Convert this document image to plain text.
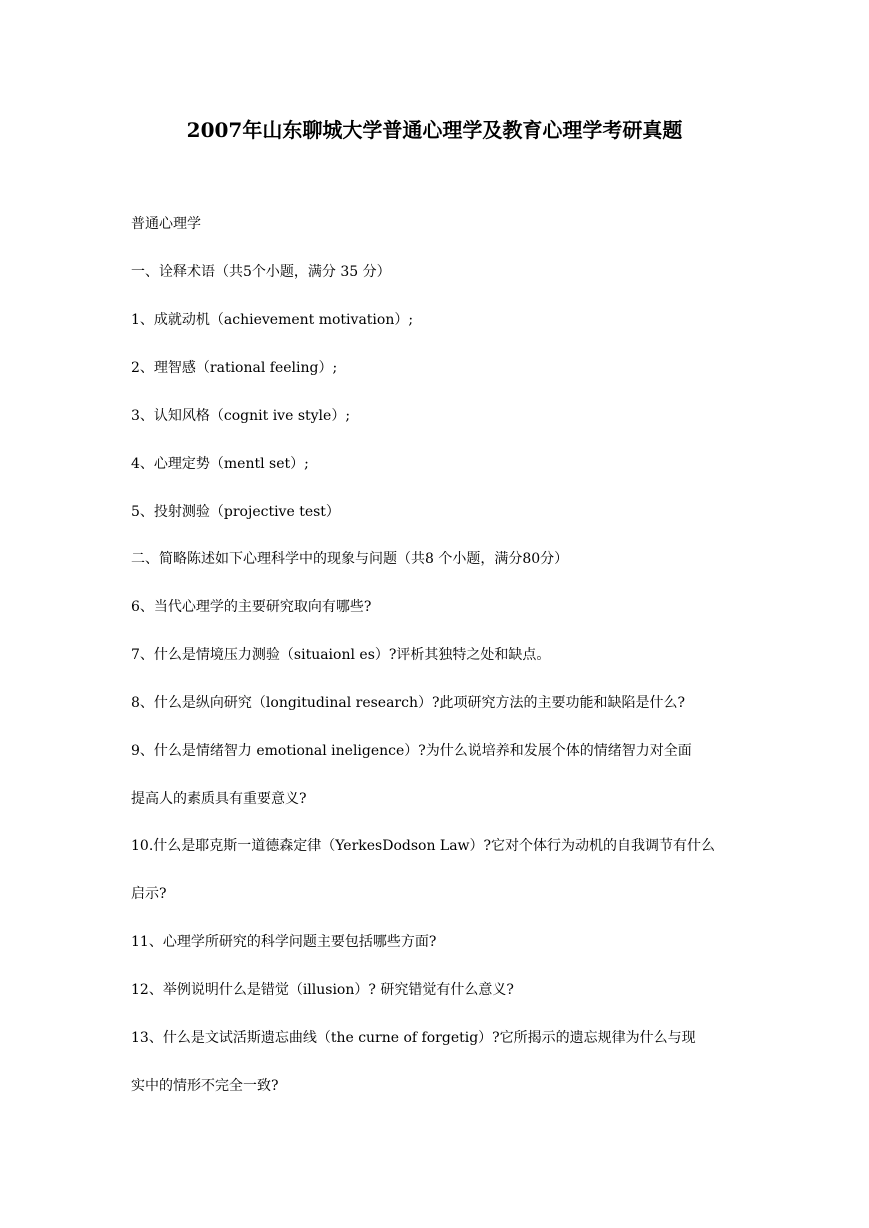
2007年山东聊城大学普通心理学及教育心理学考研真题
普通心理学
一、诠释术语（共5个小题，满分 35 分）
1、成就动机（achievement motivation）;
2、理智感（rational feeling）;
3、认知风格（cognit ive style）;
4、心理定势（mentl set）;
5、投射测验（projective test）
二、简略陈述如下心理科学中的现象与问题（共8 个小题，满分80分）
6、当代心理学的主要研究取向有哪些?
7、什么是情境压力测验（situaionl es）?评析其独特之处和缺点。
8、什么是纵向研究（longitudinal research）?此项研究方法的主要功能和缺陷是什么?
9、什么是情绪智力 emotional ineligence）?为什么说培养和发展个体的情绪智力对全面
提高人的素质具有重要意义?
10.什么是耶克斯一道德森定律（YerkesDodson Law）?它对个体行为动机的自我调节有什么
启示?
11、心理学所研究的科学问题主要包括哪些方面?
12、举例说明什么是错觉（illusion）? 研究错觉有什么意义?
13、什么是文试活斯遗忘曲线（the curne of forgetig）?它所揭示的遗忘规律为什么与现
实中的情形不完全一致?
